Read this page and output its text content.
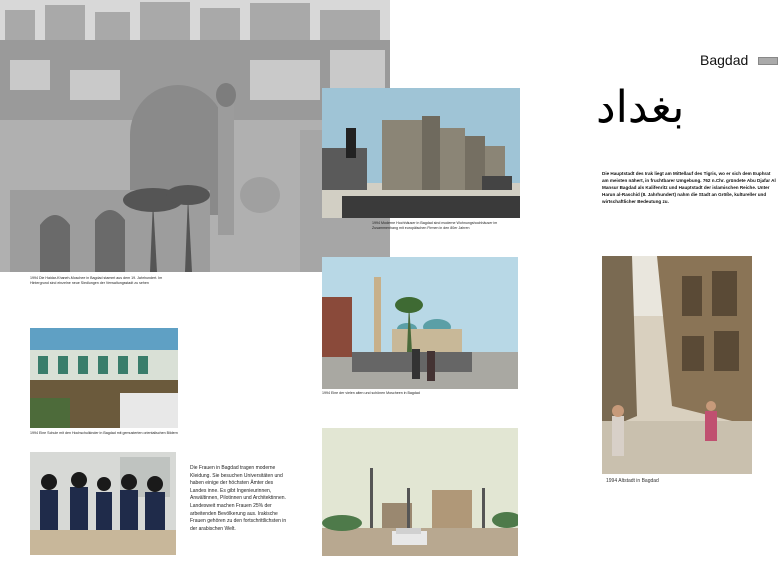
1994 Die Haidar-Khaneh-Moschee in Bagdad stammt aus dem 19. Jahrhundert. Im Hintergrund sind einzelne neue Siedlungen der Verwaltungsstadt zu sehen
1994 Moderne Hochhäuser in Bagdad sind moderne Wohnungshochhäuser im Zusammenhang mit europäischen Firmen in den 80er Jahren
1994 Eine Schule mit den Hochschulkinder in Bagdad mit gemusterten orientalischen Bildern
1994 Eine der vielen alten und schönen Moscheen in Bagdad
Die Frauen in Bagdad tragen moderne Kleidung. Sie besuchen Universitäten und haben einige der höchsten Ämter des Landes inne. Es gibt Ingenieurinnen, Anwältinnen, Pilotinnen und Architektinnen. Landesweit machen Frauen 25% der arbeitenden Bevölkerung aus. Irakische Frauen gehören zu den fortschrittlichsten in der arabischen Welt.
1994 Altstadt in Bagdad
Bagdad
بغداد
Die Hauptstadt des Irak liegt am Mittellauf des Tigris, wo er sich dem Euphrat am meisten nähert, in fruchtbarer Umgebung. 762 n.Chr. gründete Abu Djafar Al Mansur Bagdad als Kalifenritz und Hauptstadt der islamischen Reiche. Unter Harun al-Raschid (8. Jahrhundert) nahm die Stadt an Größe, kultureller und wirtschaftlicher Bedeutung zu.
